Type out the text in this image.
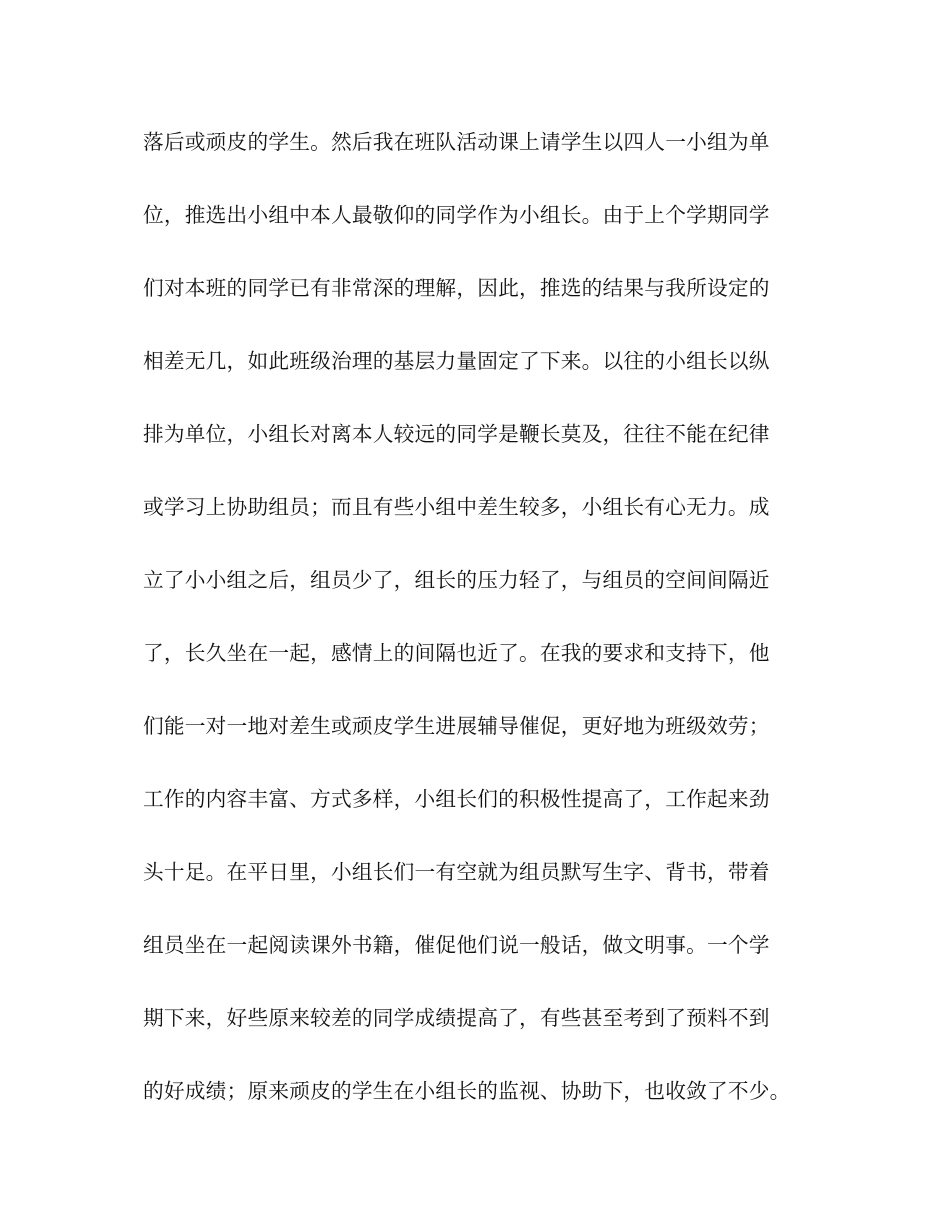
落后或顽皮的学生。然后我在班队活动课上请学生以四人一小组为单
位，推选出小组中本人最敬仰的同学作为小组长。由于上个学期同学
们对本班的同学已有非常深的理解，因此，推选的结果与我所设定的
相差无几，如此班级治理的基层力量固定了下来。以往的小组长以纵
排为单位，小组长对离本人较远的同学是鞭长莫及，往往不能在纪律
或学习上协助组员；而且有些小组中差生较多，小组长有心无力。成
立了小小组之后，组员少了，组长的压力轻了，与组员的空间间隔近
了，长久坐在一起，感情上的间隔也近了。在我的要求和支持下，他
们能一对一地对差生或顽皮学生进展辅导催促，更好地为班级效劳；
工作的内容丰富、方式多样，小组长们的积极性提高了，工作起来劲
头十足。在平日里，小组长们一有空就为组员默写生字、背书，带着
组员坐在一起阅读课外书籍，催促他们说一般话，做文明事。一个学
期下来，好些原来较差的同学成绩提高了，有些甚至考到了预料不到
的好成绩；原来顽皮的学生在小组长的监视、协助下，也收敛了不少。
